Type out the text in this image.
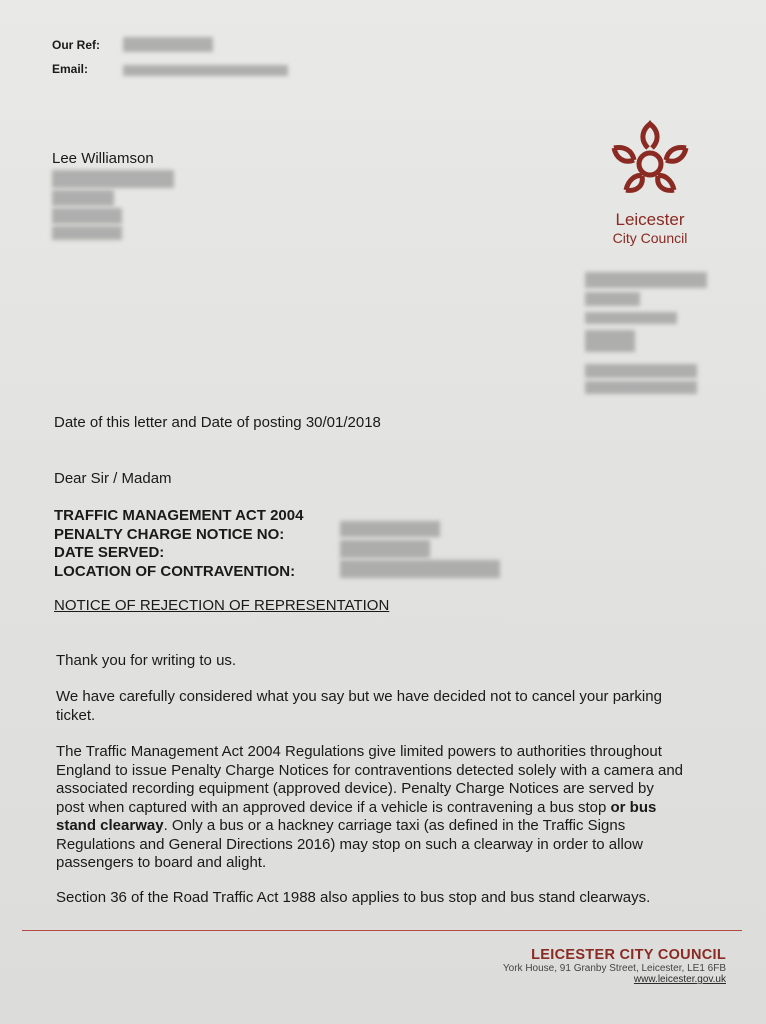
Our Ref:
Email:
Lee Williamson
Leicester
City Council
Date of this letter and Date of posting 30/01/2018
Dear Sir / Madam
TRAFFIC MANAGEMENT ACT 2004
PENALTY CHARGE NOTICE NO:
DATE SERVED:
LOCATION OF CONTRAVENTION:
NOTICE OF REJECTION OF REPRESENTATION
Thank you for writing to us.
We have carefully considered what you say but we have decided not to cancel your parking ticket.
The Traffic Management Act 2004 Regulations give limited powers to authorities throughout England to issue Penalty Charge Notices for contraventions detected solely with a camera and associated recording equipment (approved device). Penalty Charge Notices are served by post when captured with an approved device if a vehicle is contravening a bus stop or bus stand clearway. Only a bus or a hackney carriage taxi (as defined in the Traffic Signs Regulations and General Directions 2016) may stop on such a clearway in order to allow passengers to board and alight.
Section 36 of the Road Traffic Act 1988 also applies to bus stop and bus stand clearways.
LEICESTER CITY COUNCIL
York House, 91 Granby Street, Leicester, LE1 6FB
www.leicester.gov.uk
